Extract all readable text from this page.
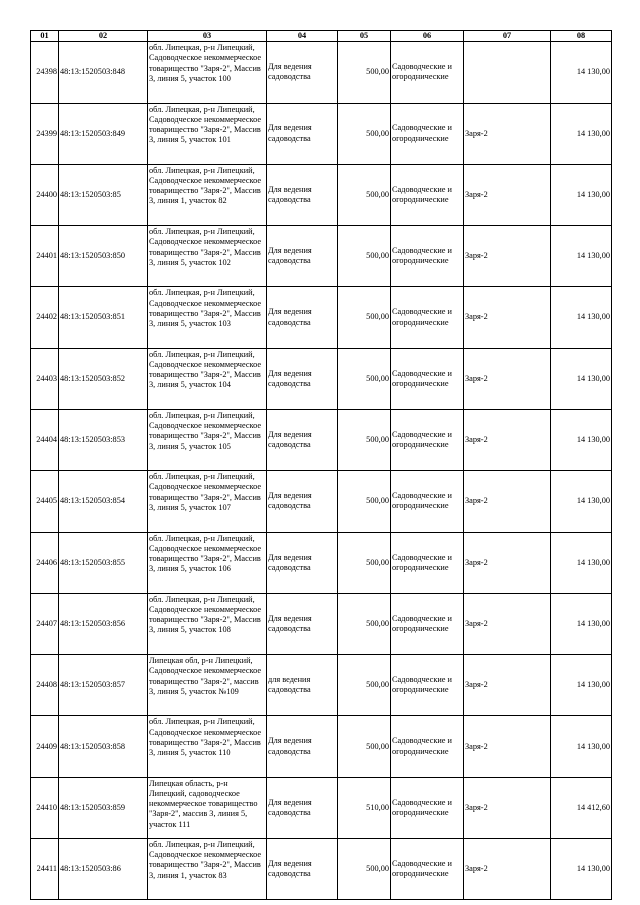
01	02	03	04	05	06	07	08
24398	48:13:1520503:848	обл. Липецкая, р-н Липецкий, Садоводческое некоммерческое товарищество "Заря-2", Массив 3, линия 5, участок 100	Для ведения садоводства	500,00	Садоводческие и огороднические		14 130,00
24399	48:13:1520503:849	обл. Липецкая, р-н Липецкий, Садоводческое некоммерческое товарищество "Заря-2", Массив 3, линия 5, участок 101	Для ведения садоводства	500,00	Садоводческие и огороднические	Заря-2	14 130,00
24400	48:13:1520503:85	обл. Липецкая, р-н Липецкий, Садоводческое некоммерческое товарищество "Заря-2", Массив 3, линия 1, участок 82	Для ведения садоводства	500,00	Садоводческие и огороднические	Заря-2	14 130,00
24401	48:13:1520503:850	обл. Липецкая, р-н Липецкий, Садоводческое некоммерческое товарищество "Заря-2", Массив 3, линия 5, участок 102	Для ведения садоводства	500,00	Садоводческие и огороднические	Заря-2	14 130,00
24402	48:13:1520503:851	обл. Липецкая, р-н Липецкий, Садоводческое некоммерческое товарищество "Заря-2", Массив 3, линия 5, участок 103	Для ведения садоводства	500,00	Садоводческие и огороднические	Заря-2	14 130,00
24403	48:13:1520503:852	обл. Липецкая, р-н Липецкий, Садоводческое некоммерческое товарищество "Заря-2", Массив 3, линия 5, участок 104	Для ведения садоводства	500,00	Садоводческие и огороднические	Заря-2	14 130,00
24404	48:13:1520503:853	обл. Липецкая, р-н Липецкий, Садоводческое некоммерческое товарищество "Заря-2", Массив 3, линия 5, участок 105	Для ведения садоводства	500,00	Садоводческие и огороднические	Заря-2	14 130,00
24405	48:13:1520503:854	обл. Липецкая, р-н Липецкий, Садоводческое некоммерческое товарищество "Заря-2", Массив 3, линия 5, участок 107	Для ведения садоводства	500,00	Садоводческие и огороднические	Заря-2	14 130,00
24406	48:13:1520503:855	обл. Липецкая, р-н Липецкий, Садоводческое некоммерческое товарищество "Заря-2", Массив 3, линия 5, участок 106	Для ведения садоводства	500,00	Садоводческие и огороднические	Заря-2	14 130,00
24407	48:13:1520503:856	обл. Липецкая, р-н Липецкий, Садоводческое некоммерческое товарищество "Заря-2", Массив 3, линия 5, участок 108	Для ведения садоводства	500,00	Садоводческие и огороднические	Заря-2	14 130,00
24408	48:13:1520503:857	Липецкая обл, р-н Липецкий, Садоводческое некоммерческое товарищество "Заря-2", массив 3, линия 5, участок №109	для ведения садоводства	500,00	Садоводческие и огороднические	Заря-2	14 130,00
24409	48:13:1520503:858	обл. Липецкая, р-н Липецкий, Садоводческое некоммерческое товарищество "Заря-2", Массив 3, линия 5, участок 110	Для ведения садоводства	500,00	Садоводческие и огороднические	Заря-2	14 130,00
24410	48:13:1520503:859	Липецкая область, р-н Липецкий, садоводческое некоммерческое товарищество "Заря-2", массив 3, линия 5, участок 111	Для ведения садоводства	510,00	Садоводческие и огороднические	Заря-2	14 412,60
24411	48:13:1520503:86	обл. Липецкая, р-н Липецкий, Садоводческое некоммерческое товарищество "Заря-2", Массив 3, линия 1, участок 83	Для ведения садоводства	500,00	Садоводческие и огороднические	Заря-2	14 130,00
